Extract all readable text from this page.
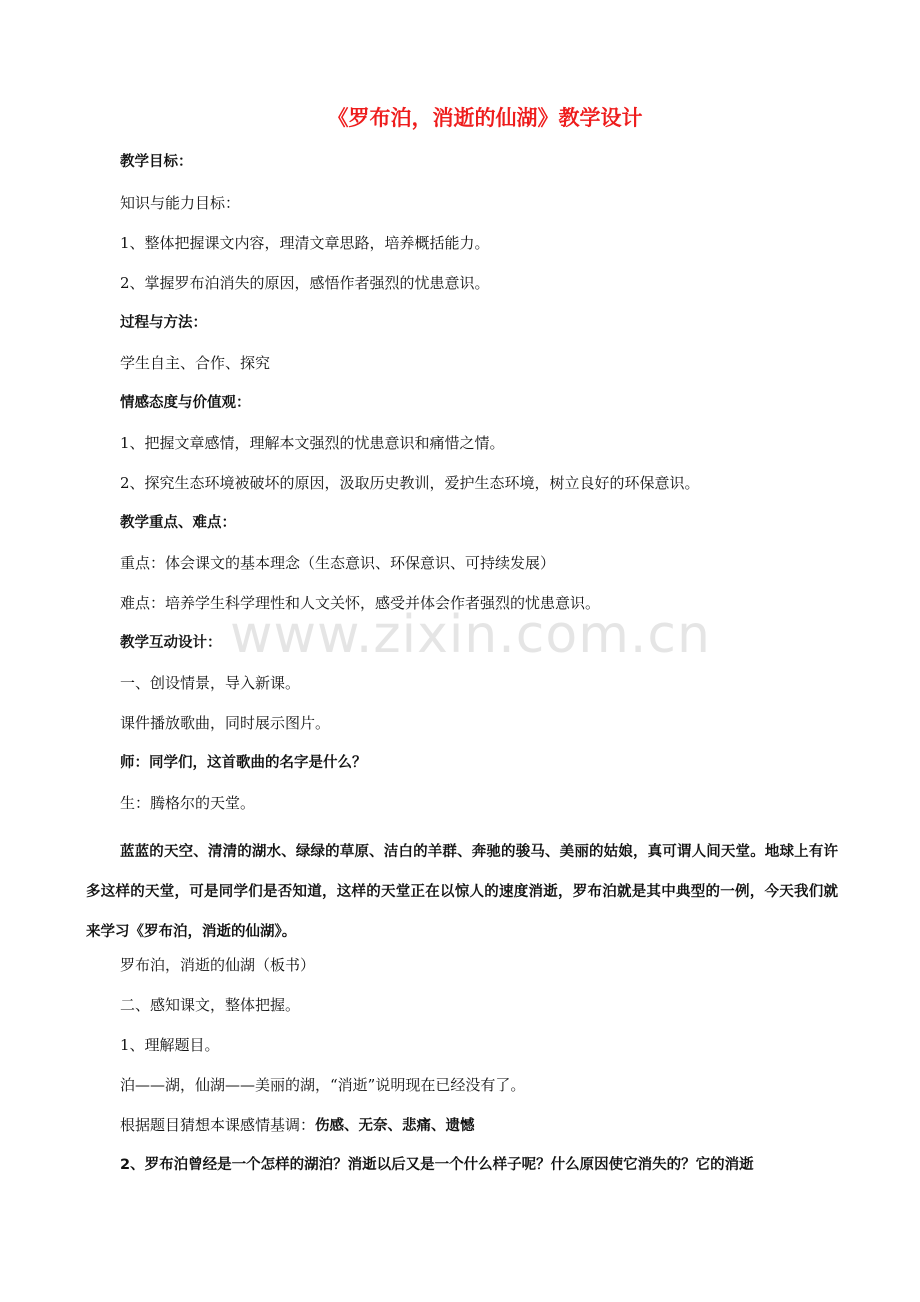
《罗布泊，消逝的仙湖》教学设计
教学目标：
知识与能力目标：
1、整体把握课文内容，理清文章思路，培养概括能力。
2、掌握罗布泊消失的原因，感悟作者强烈的忧患意识。
过程与方法：
学生自主、合作、探究
情感态度与价值观：
1、把握文章感情，理解本文强烈的忧患意识和痛惜之情。
2、探究生态环境被破坏的原因，汲取历史教训，爱护生态环境，树立良好的环保意识。
教学重点、难点：
重点：体会课文的基本理念（生态意识、环保意识、可持续发展）
难点：培养学生科学理性和人文关怀，感受并体会作者强烈的忧患意识。
教学互动设计：
一、创设情景，导入新课。
课件播放歌曲，同时展示图片。
师：同学们，这首歌曲的名字是什么？
生：腾格尔的天堂。
蓝蓝的天空、清清的湖水、绿绿的草原、洁白的羊群、奔驰的骏马、美丽的姑娘，真可谓人间天堂。地球上有许多这样的天堂，可是同学们是否知道，这样的天堂正在以惊人的速度消逝，罗布泊就是其中典型的一例，今天我们就来学习《罗布泊，消逝的仙湖》。
罗布泊，消逝的仙湖（板书）
二、感知课文，整体把握。
1、理解题目。
泊——湖，仙湖——美丽的湖，“消逝”说明现在已经没有了。
根据题目猜想本课感情基调：伤感、无奈、悲痛、遗憾
2、罗布泊曾经是一个怎样的湖泊？消逝以后又是一个什么样子呢？什么原因使它消失的？它的消逝
www.zixin.com.cn
